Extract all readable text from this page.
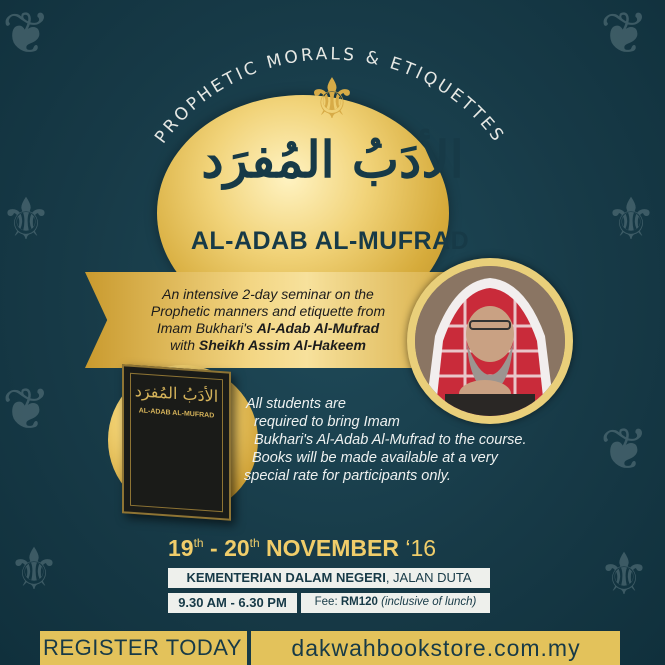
❦	❦
⚜	⚜
❦
❦
⚜	⚜
PROPHETIC MORALS & ETIQUETTES
⚜
الأدَبُ المُفرَد
AL-ADAB AL-MUFRAD
An intensive 2-day seminar on the
Prophetic manners and etiquette from
Imam Bukhari's Al-Adab Al-Mufrad
with Sheikh Assim Al-Hakeem
الأدَبُ المُفرَد
AL-ADAB AL-MUFRAD
All students are
required to bring Imam
Bukhari's Al-Adab Al-Mufrad to the course.
Books will be made available at a very
special rate for participants only.
19th - 20th NOVEMBER ‘16
KEMENTERIAN DALAM NEGERI, JALAN DUTA
9.30 AM - 6.30 PM	Fee: RM120 (inclusive of lunch)
REGISTER TODAY	dakwahbookstore.com.my
